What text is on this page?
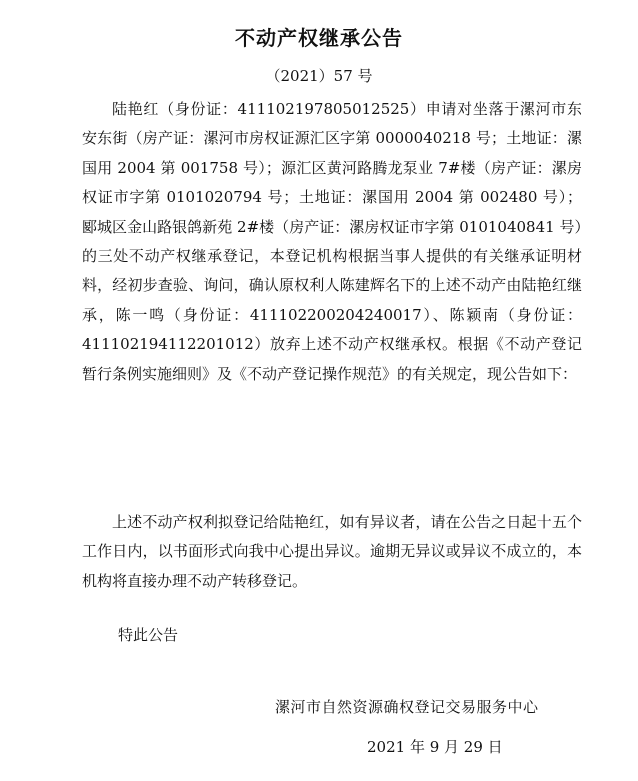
不动产权继承公告
（2021）57 号

陆艳红（身份证：411102197805012525）申请对坐落于漯河市东安东街（房产证：漯河市房权证源汇区字第 0000040218 号；土地证：漯国用 2004 第 001758 号）；源汇区黄河路腾龙泵业 7#楼（房产证：漯房权证市字第 0101020794 号；土地证：漯国用 2004 第 002480 号）； 郾城区金山路银鸽新苑 2#楼（房产证：漯房权证市字第 0101040841 号）的三处不动产权继承登记，本登记机构根据当事人提供的有关继承证明材料，经初步查验、询问，确认原权利人陈建辉名下的上述不动产由陆艳红继承，陈一鸣（身份证：411102200204240017）、陈颖南（身份证：411102194112201012）放弃上述不动产权继承权。根据《不动产登记暂行条例实施细则》及《不动产登记操作规范》的有关规定，现公告如下：

上述不动产权利拟登记给陆艳红，如有异议者，请在公告之日起十五个工作日内，以书面形式向我中心提出异议。逾期无异议或异议不成立的，本机构将直接办理不动产转移登记。

特此公告
漯河市自然资源确权登记交易服务中心
2021 年 9 月 29 日
